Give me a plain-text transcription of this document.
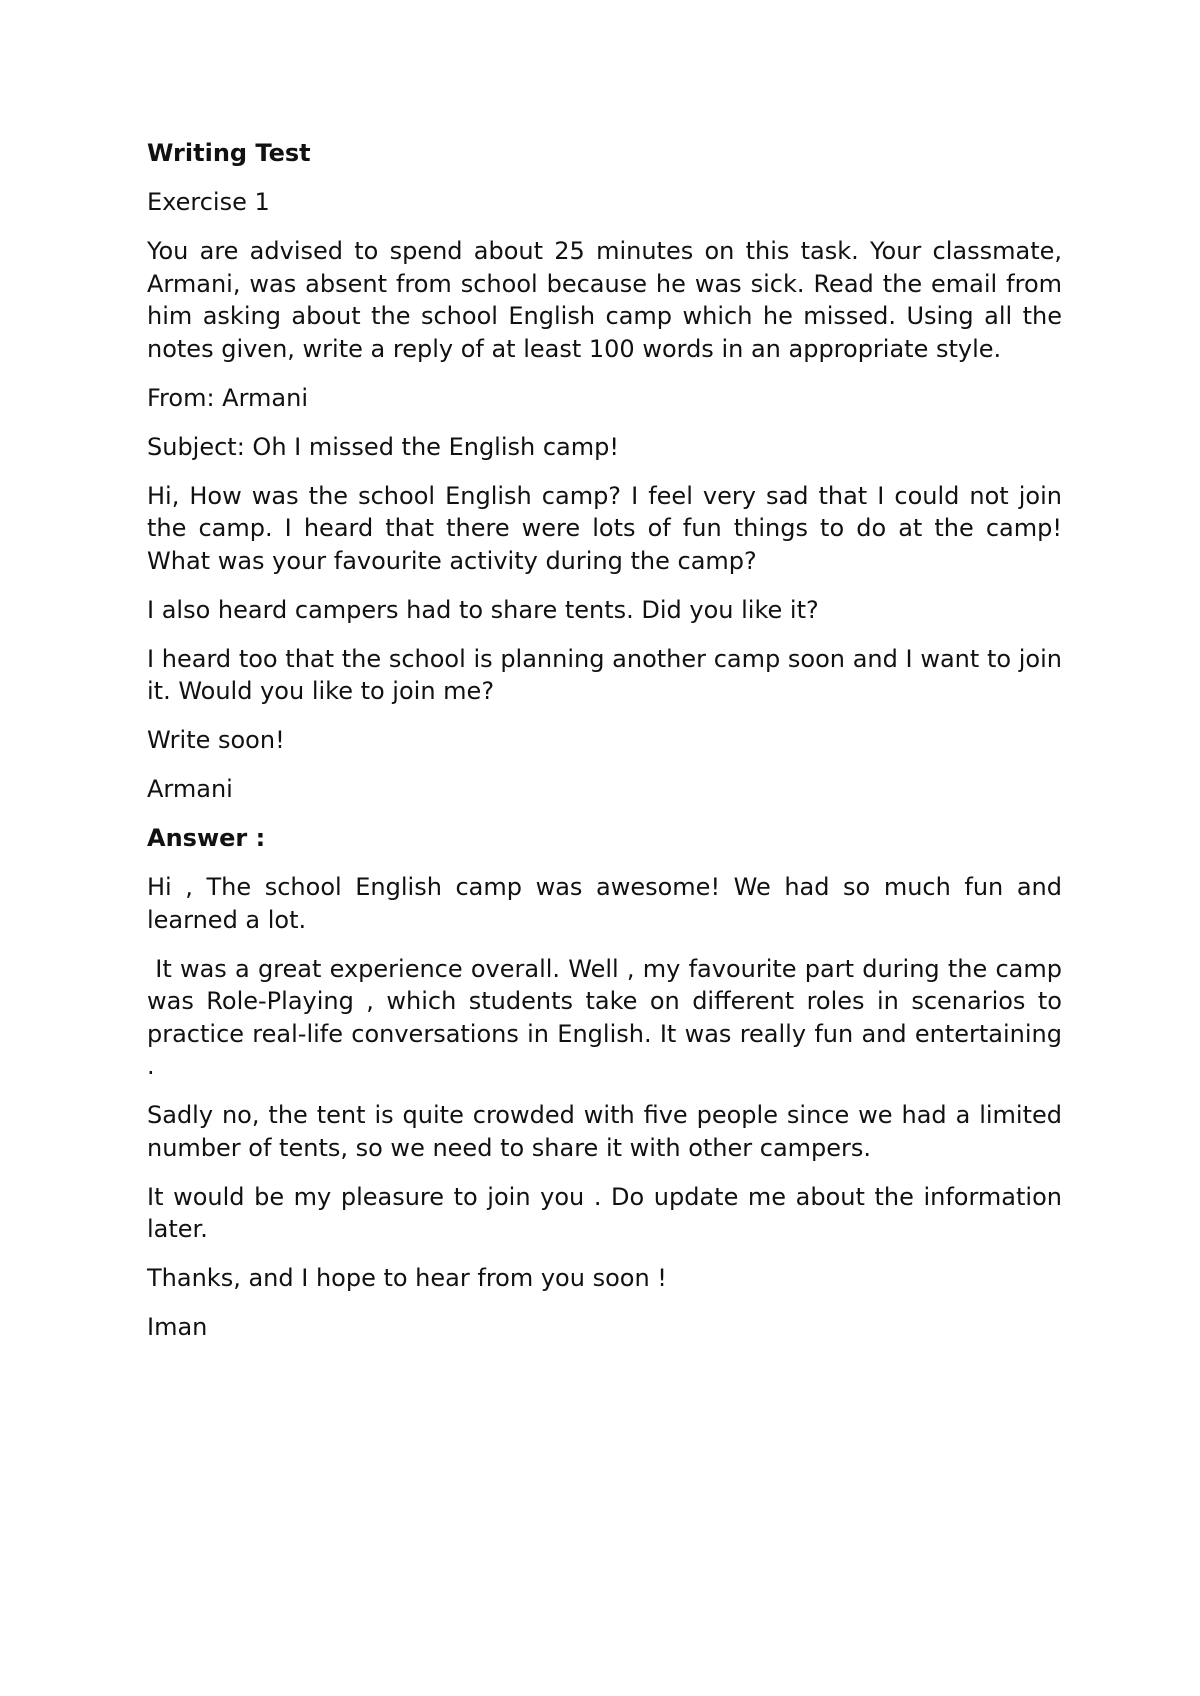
Writing Test

Exercise 1

You are advised to spend about 25 minutes on this task. Your classmate, Armani, was absent from school because he was sick. Read the email from him asking about the school English camp which he missed. Using all the notes given, write a reply of at least 100 words in an appropriate style.

From: Armani

Subject: Oh I missed the English camp!

Hi, How was the school English camp? I feel very sad that I could not join the camp. I heard that there were lots of fun things to do at the camp! What was your favourite activity during the camp?

I also heard campers had to share tents. Did you like it?

I heard too that the school is planning another camp soon and I want to join it. Would you like to join me?

Write soon!

Armani

Answer :

Hi , The school English camp was awesome! We had so much fun and learned a lot.

It was a great experience overall. Well , my favourite part during the camp was Role-Playing , which students take on different roles in scenarios to practice real-life conversations in English. It was really fun and entertaining .

Sadly no, the tent is quite crowded with five people since we had a limited number of tents, so we need to share it with other campers.

It would be my pleasure to join you . Do update me about the information later.

Thanks, and I hope to hear from you soon !

Iman
